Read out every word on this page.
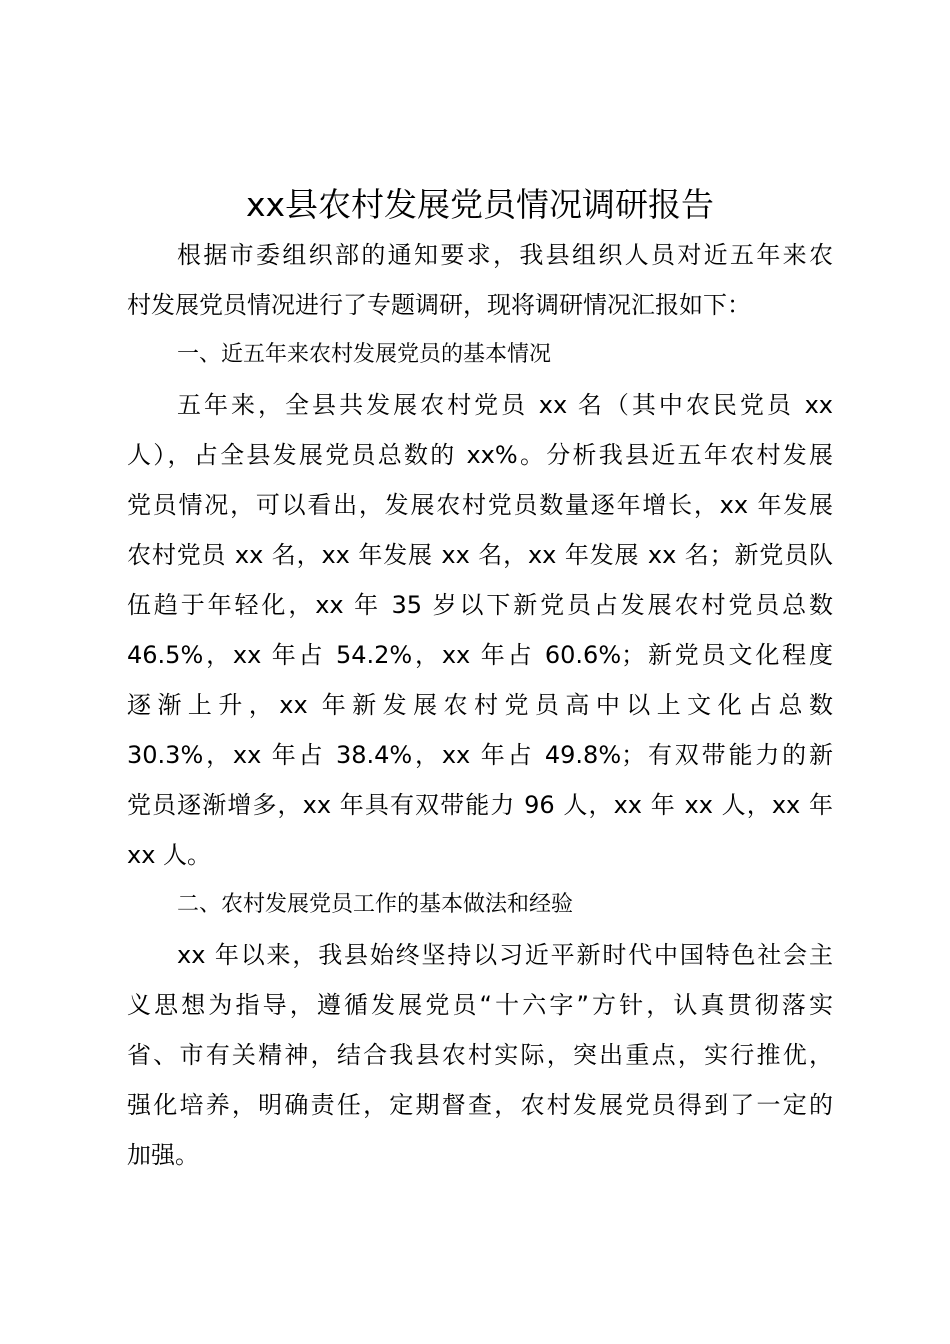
xx县农村发展党员情况调研报告

根据市委组织部的通知要求，我县组织人员对近五年来农
村发展党员情况进行了专题调研，现将调研情况汇报如下：

一、近五年来农村发展党员的基本情况

五年来，全县共发展农村党员 xx 名（其中农民党员 xx
人），占全县发展党员总数的 xx%。分析我县近五年农村发展
党员情况，可以看出，发展农村党员数量逐年增长，xx 年发展
农村党员 xx 名，xx 年发展 xx 名，xx 年发展 xx 名；新党员队
伍趋于年轻化，xx 年 35 岁以下新党员占发展农村党员总数
46.5%，xx 年占 54.2%，xx 年占 60.6%；新党员文化程度
逐渐上升，xx 年新发展农村党员高中以上文化占总数
30.3%，xx 年占 38.4%，xx 年占 49.8%；有双带能力的新
党员逐渐增多，xx 年具有双带能力 96 人，xx 年 xx 人，xx 年
xx 人。

二、农村发展党员工作的基本做法和经验

xx 年以来，我县始终坚持以习近平新时代中国特色社会主
义思想为指导，遵循发展党员“十六字”方针，认真贯彻落实
省、市有关精神，结合我县农村实际，突出重点，实行推优，
强化培养，明确责任，定期督查，农村发展党员得到了一定的
加强。
